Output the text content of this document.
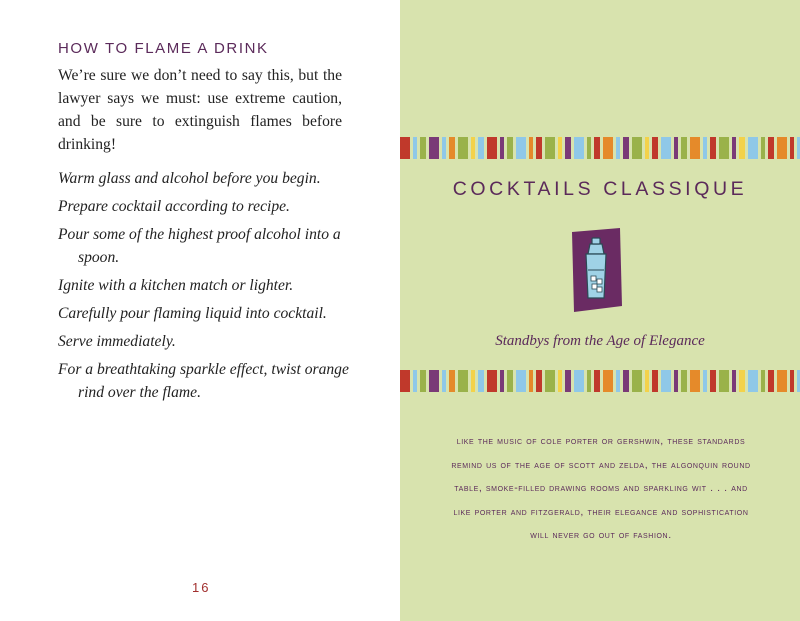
HOW TO FLAME A DRINK
We’re sure we don’t need to say this, but the lawyer says we must: use extreme caution, and be sure to extinguish flames before drinking!
Warm glass and alcohol before you begin.
Prepare cocktail according to recipe.
Pour some of the highest proof alcohol into a spoon.
Ignite with a kitchen match or lighter.
Carefully pour flaming liquid into cocktail.
Serve immediately.
For a breathtaking sparkle effect, twist orange rind over the flame.
16
COCKTAILS CLASSIQUE
Standbys from the Age of Elegance
like the music of cole porter or gershwin, these standards remind us of the age of scott and zelda, the algonquin round table, smoke-filled drawing rooms and sparkling wit . . . and like porter and fitzgerald, their elegance and sophistication will never go out of fashion.
